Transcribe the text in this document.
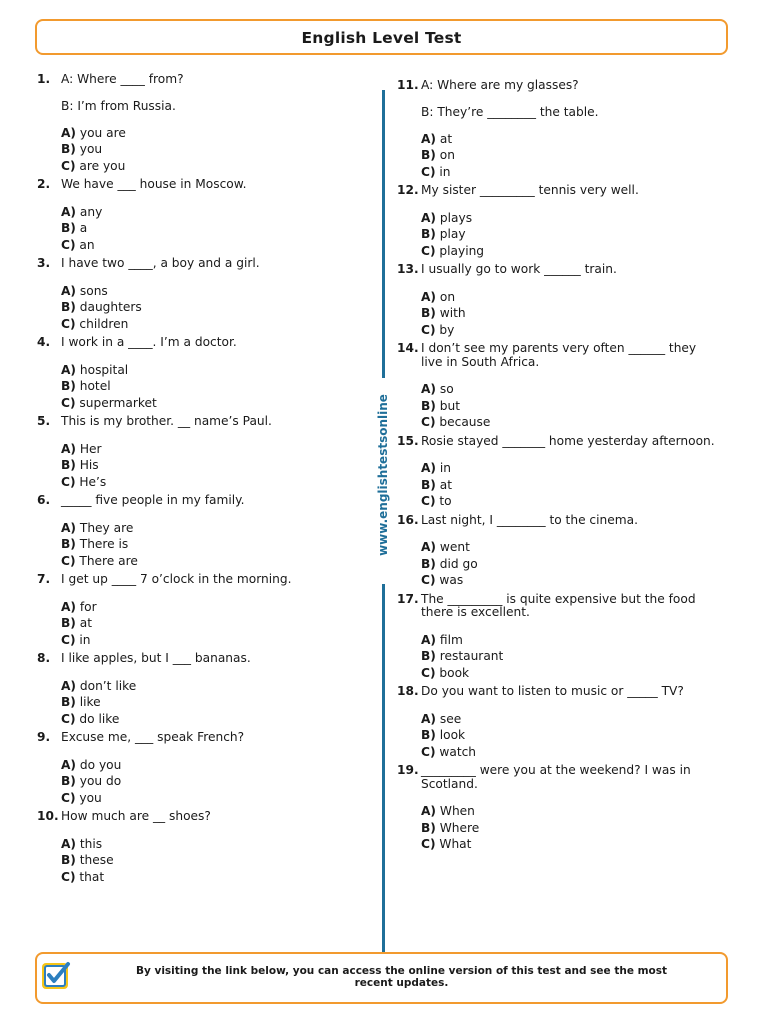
English Level Test
1. A: Where ____ from?
B: I’m from Russia.
A) you are
B) you
C) are you
2. We have ___ house in Moscow.
A) any
B) a
C) an
3. I have two ____, a boy and a girl.
A) sons
B) daughters
C) children
4. I work in a ____. I’m a doctor.
A) hospital
B) hotel
C) supermarket
5. This is my brother. __ name’s Paul.
A) Her
B) His
C) He’s
6. _____ five people in my family.
A) They are
B) There is
C) There are
7. I get up ____ 7 o’clock in the morning.
A) for
B) at
C) in
8. I like apples, but I ___ bananas.
A) don’t like
B) like
C) do like
9. Excuse me, ___ speak French?
A) do you
B) you do
C) you
10. How much are __ shoes?
A) this
B) these
C) that
11. A: Where are my glasses?
B: They’re ________ the table.
A) at
B) on
C) in
12. My sister _________ tennis very well.
A) plays
B) play
C) playing
13. I usually go to work ______ train.
A) on
B) with
C) by
14. I don’t see my parents very often ______ they live in South Africa.
A) so
B) but
C) because
15. Rosie stayed _______ home yesterday afternoon.
A) in
B) at
C) to
16. Last night, I ________ to the cinema.
A) went
B) did go
C) was
17. The _________ is quite expensive but the food there is excellent.
A) film
B) restaurant
C) book
18. Do you want to listen to music or _____ TV?
A) see
B) look
C) watch
19. _________ were you at the weekend? I was in Scotland.
A) When
B) Where
C) What
www.englishtestsonline
By visiting the link below, you can access the online version of this test and see the most recent updates.
